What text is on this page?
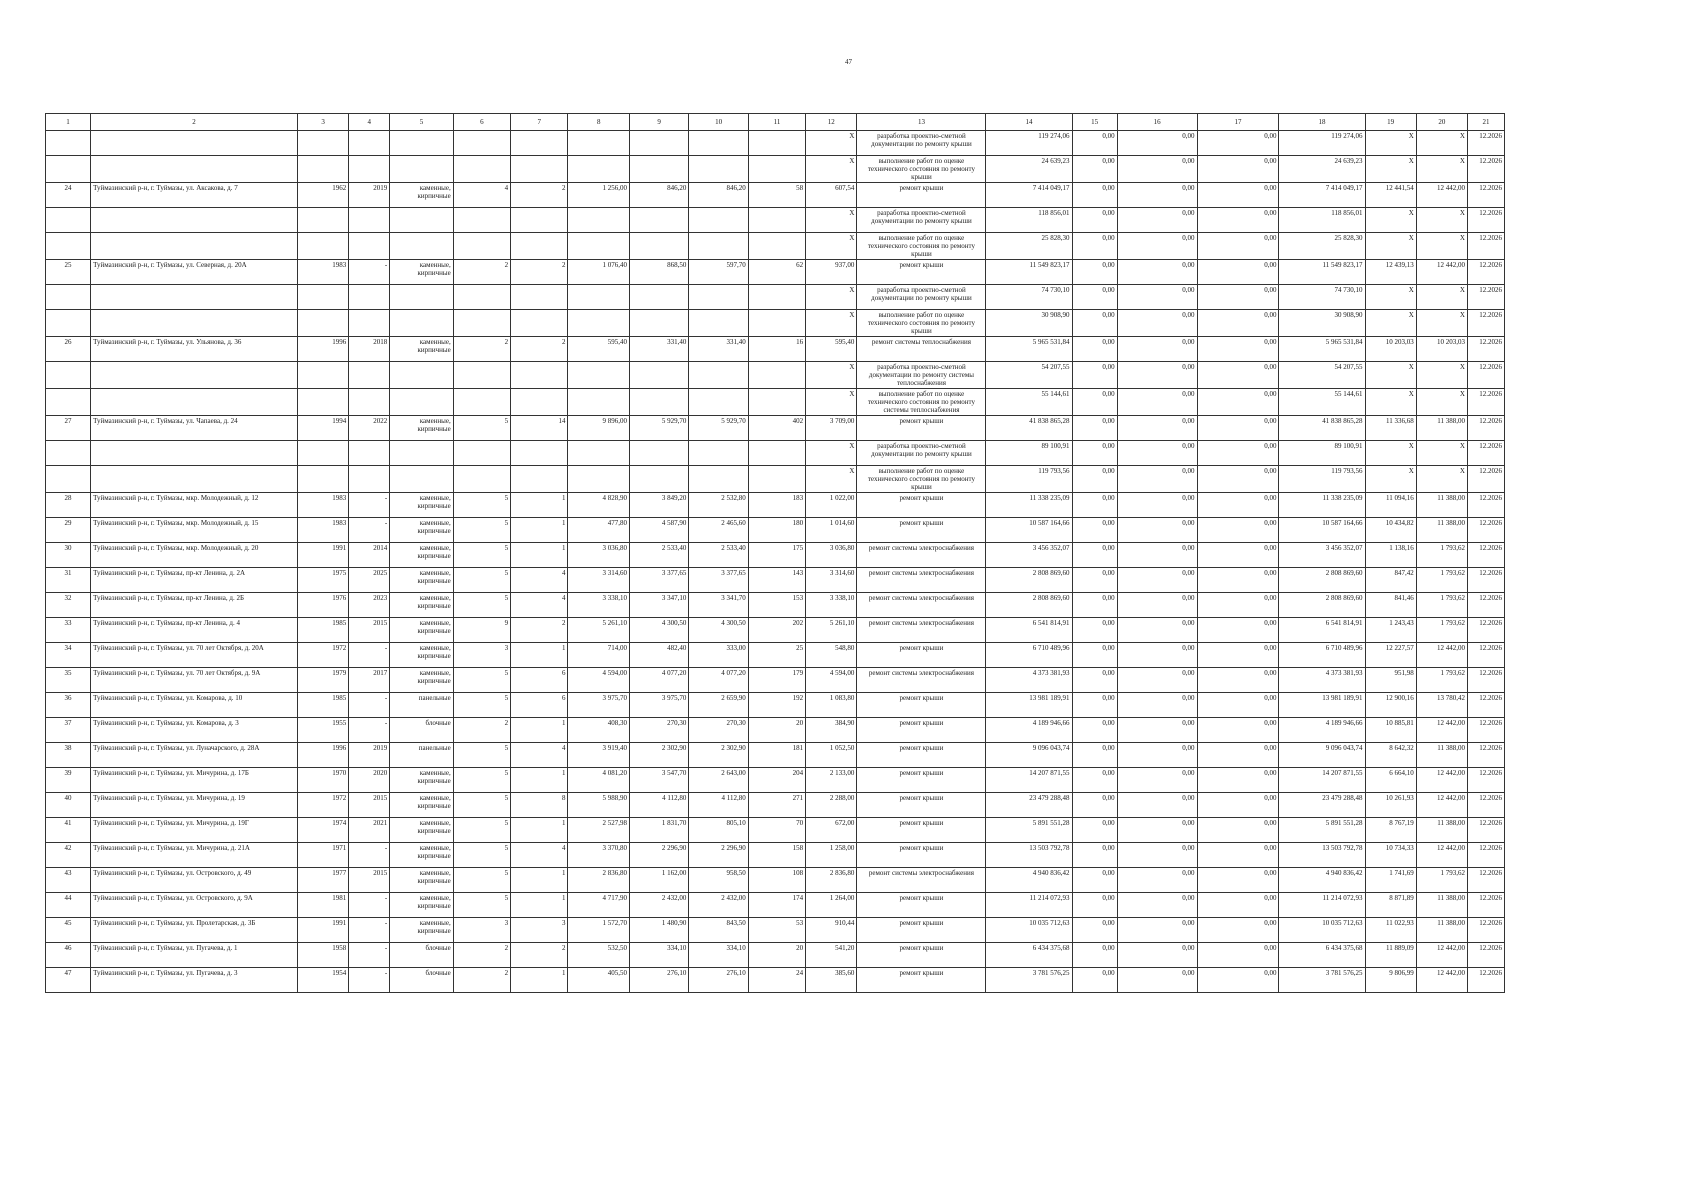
47
1	2	3	4	5	6	7	8	9	10	11	12	13	14	15	16	17	18	19	20	21
											X	разработка проектно-сметной документации по ремонту крыши	119 274,06	0,00	0,00	0,00	119 274,06	X	X	12.2026
											X	выполнение работ по оценке технического состояния по ремонту крыши	24 639,23	0,00	0,00	0,00	24 639,23	X	X	12.2026
24	Туймазинский р-н, г. Туймазы, ул. Аксакова, д. 7	1962	2019	каменные, кирпичные	4	2	1 256,00	846,20	846,20	58	607,54	ремонт крыши	7 414 049,17	0,00	0,00	0,00	7 414 049,17	12 441,54	12 442,00	12.2026
											X	разработка проектно-сметной документации по ремонту крыши	118 856,01	0,00	0,00	0,00	118 856,01	X	X	12.2026
											X	выполнение работ по оценке технического состояния по ремонту крыши	25 828,30	0,00	0,00	0,00	25 828,30	X	X	12.2026
25	Туймазинский р-н, г. Туймазы, ул. Северная, д. 20А	1983	-	каменные, кирпичные	2	2	1 076,40	868,50	597,70	62	937,00	ремонт крыши	11 549 823,17	0,00	0,00	0,00	11 549 823,17	12 439,13	12 442,00	12.2026
											X	разработка проектно-сметной документации по ремонту крыши	74 730,10	0,00	0,00	0,00	74 730,10	X	X	12.2026
											X	выполнение работ по оценке технического состояния по ремонту крыши	30 908,90	0,00	0,00	0,00	30 908,90	X	X	12.2026
26	Туймазинский р-н, г. Туймазы, ул. Ульянова, д. 36	1996	2018	каменные, кирпичные	2	2	595,40	331,40	331,40	16	595,40	ремонт системы теплоснабжения	5 965 531,84	0,00	0,00	0,00	5 965 531,84	10 203,03	10 203,03	12.2026
											X	разработка проектно-сметной документации по ремонту системы теплоснабжения	54 207,55	0,00	0,00	0,00	54 207,55	X	X	12.2026
											X	выполнение работ по оценке технического состояния по ремонту системы теплоснабжения	55 144,61	0,00	0,00	0,00	55 144,61	X	X	12.2026
27	Туймазинский р-н, г. Туймазы, ул. Чапаева, д. 24	1994	2022	каменные, кирпичные	5	14	9 896,00	5 929,70	5 929,70	402	3 709,00	ремонт крыши	41 838 865,28	0,00	0,00	0,00	41 838 865,28	11 336,68	11 388,00	12.2026
											X	разработка проектно-сметной документации по ремонту крыши	89 100,91	0,00	0,00	0,00	89 100,91	X	X	12.2026
											X	выполнение работ по оценке технического состояния по ремонту крыши	119 793,56	0,00	0,00	0,00	119 793,56	X	X	12.2026
28	Туймазинский р-н, г. Туймазы, мкр. Молодежный, д. 12	1983	-	каменные, кирпичные	5	1	4 828,90	3 849,20	2 532,80	183	1 022,00	ремонт крыши	11 338 235,09	0,00	0,00	0,00	11 338 235,09	11 094,16	11 388,00	12.2026
29	Туймазинский р-н, г. Туймазы, мкр. Молодежный, д. 15	1983	-	каменные, кирпичные	5	1	477,80	4 587,90	2 465,60	180	1 014,60	ремонт крыши	10 587 164,66	0,00	0,00	0,00	10 587 164,66	10 434,82	11 388,00	12.2026
30	Туймазинский р-н, г. Туймазы, мкр. Молодежный, д. 20	1991	2014	каменные, кирпичные	5	1	3 036,80	2 533,40	2 533,40	175	3 036,80	ремонт системы электроснабжения	3 456 352,07	0,00	0,00	0,00	3 456 352,07	1 138,16	1 793,62	12.2026
31	Туймазинский р-н, г. Туймазы, пр-кт Ленина, д. 2А	1975	2025	каменные, кирпичные	5	4	3 314,60	3 377,65	3 377,65	143	3 314,60	ремонт системы электроснабжения	2 808 869,60	0,00	0,00	0,00	2 808 869,60	847,42	1 793,62	12.2026
32	Туймазинский р-н, г. Туймазы, пр-кт Ленина, д. 2Б	1976	2023	каменные, кирпичные	5	4	3 338,10	3 347,10	3 341,70	153	3 338,10	ремонт системы электроснабжения	2 808 869,60	0,00	0,00	0,00	2 808 869,60	841,46	1 793,62	12.2026
33	Туймазинский р-н, г. Туймазы, пр-кт Ленина, д. 4	1985	2015	каменные, кирпичные	9	2	5 261,10	4 300,50	4 300,50	202	5 261,10	ремонт системы электроснабжения	6 541 814,91	0,00	0,00	0,00	6 541 814,91	1 243,43	1 793,62	12.2026
34	Туймазинский р-н, г. Туймазы, ул. 70 лет Октября, д. 20А	1972	-	каменные, кирпичные	3	1	714,00	482,40	333,00	25	548,80	ремонт крыши	6 710 489,96	0,00	0,00	0,00	6 710 489,96	12 227,57	12 442,00	12.2026
35	Туймазинский р-н, г. Туймазы, ул. 70 лет Октября, д. 9А	1979	2017	каменные, кирпичные	5	6	4 594,00	4 077,20	4 077,20	179	4 594,00	ремонт системы электроснабжения	4 373 381,93	0,00	0,00	0,00	4 373 381,93	951,98	1 793,62	12.2026
36	Туймазинский р-н, г. Туймазы, ул. Комарова, д. 10	1985	-	панельные	5	6	3 975,70	3 975,70	2 659,90	192	1 083,80	ремонт крыши	13 981 189,91	0,00	0,00	0,00	13 981 189,91	12 900,16	13 780,42	12.2026
37	Туймазинский р-н, г. Туймазы, ул. Комарова, д. 3	1955	-	блочные	2	1	408,30	270,30	270,30	20	384,90	ремонт крыши	4 189 946,66	0,00	0,00	0,00	4 189 946,66	10 885,81	12 442,00	12.2026
38	Туймазинский р-н, г. Туймазы, ул. Луначарского, д. 28А	1996	2019	панельные	5	4	3 919,40	2 302,90	2 302,90	181	1 052,50	ремонт крыши	9 096 043,74	0,00	0,00	0,00	9 096 043,74	8 642,32	11 388,00	12.2026
39	Туймазинский р-н, г. Туймазы, ул. Мичурина, д. 17Б	1970	2020	каменные, кирпичные	5	1	4 081,20	3 547,70	2 643,00	204	2 133,00	ремонт крыши	14 207 871,55	0,00	0,00	0,00	14 207 871,55	6 664,10	12 442,00	12.2026
40	Туймазинский р-н, г. Туймазы, ул. Мичурина, д. 19	1972	2015	каменные, кирпичные	5	8	5 988,90	4 112,80	4 112,80	271	2 288,00	ремонт крыши	23 479 288,48	0,00	0,00	0,00	23 479 288,48	10 261,93	12 442,00	12.2026
41	Туймазинский р-н, г. Туймазы, ул. Мичурина, д. 19Г	1974	2021	каменные, кирпичные	5	1	2 527,98	1 831,70	805,10	70	672,00	ремонт крыши	5 891 551,28	0,00	0,00	0,00	5 891 551,28	8 767,19	11 388,00	12.2026
42	Туймазинский р-н, г. Туймазы, ул. Мичурина, д. 21А	1971	-	каменные, кирпичные	5	4	3 370,80	2 296,90	2 296,90	158	1 258,00	ремонт крыши	13 503 792,78	0,00	0,00	0,00	13 503 792,78	10 734,33	12 442,00	12.2026
43	Туймазинский р-н, г. Туймазы, ул. Островского, д. 49	1977	2015	каменные, кирпичные	5	1	2 836,80	1 162,00	958,50	108	2 836,80	ремонт системы электроснабжения	4 940 836,42	0,00	0,00	0,00	4 940 836,42	1 741,69	1 793,62	12.2026
44	Туймазинский р-н, г. Туймазы, ул. Островского, д. 9А	1981	-	каменные, кирпичные	5	1	4 717,90	2 432,00	2 432,00	174	1 264,00	ремонт крыши	11 214 072,93	0,00	0,00	0,00	11 214 072,93	8 871,89	11 388,00	12.2026
45	Туймазинский р-н, г. Туймазы, ул. Пролетарская, д. 3Б	1991	-	каменные, кирпичные	3	3	1 572,70	1 480,90	843,50	53	910,44	ремонт крыши	10 035 712,63	0,00	0,00	0,00	10 035 712,63	11 022,93	11 388,00	12.2026
46	Туймазинский р-н, г. Туймазы, ул. Пугачева, д. 1	1958	-	блочные	2	2	532,50	334,10	334,10	20	541,20	ремонт крыши	6 434 375,68	0,00	0,00	0,00	6 434 375,68	11 889,09	12 442,00	12.2026
47	Туймазинский р-н, г. Туймазы, ул. Пугачева, д. 3	1954	-	блочные	2	1	405,50	276,10	276,10	24	385,60	ремонт крыши	3 781 576,25	0,00	0,00	0,00	3 781 576,25	9 806,99	12 442,00	12.2026
